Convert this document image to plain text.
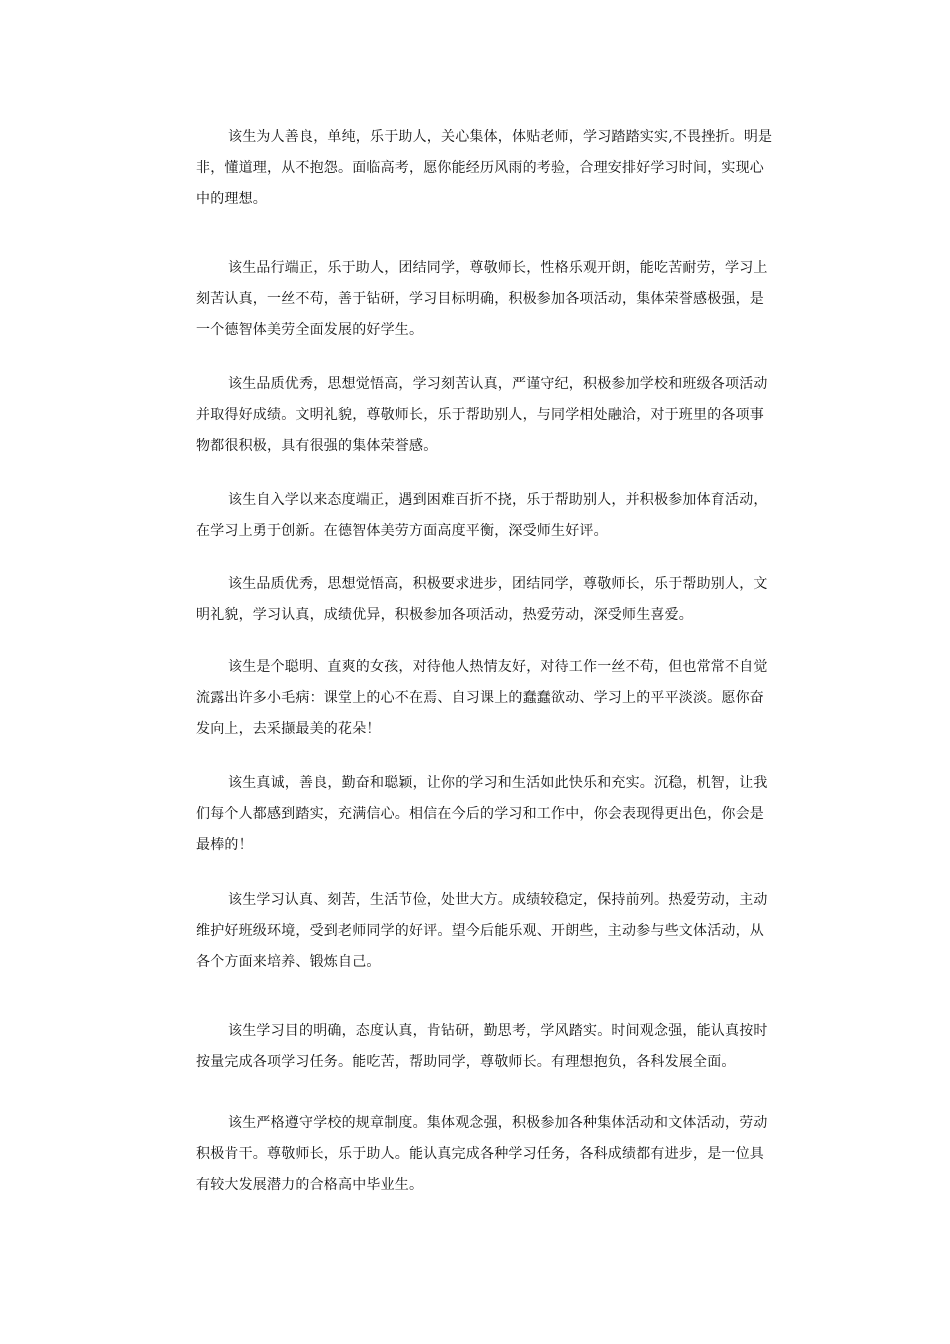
该生为人善良，单纯，乐于助人，关心集体，体贴老师，学习踏踏实实,不畏挫折。明是非，懂道理，从不抱怨。面临高考，愿你能经历风雨的考验，合理安排好学习时间，实现心中的理想。

该生品行端正，乐于助人，团结同学，尊敬师长，性格乐观开朗，能吃苦耐劳，学习上刻苦认真，一丝不苟，善于钻研，学习目标明确，积极参加各项活动，集体荣誉感极强，是一个德智体美劳全面发展的好学生。

该生品质优秀，思想觉悟高，学习刻苦认真，严谨守纪，积极参加学校和班级各项活动并取得好成绩。文明礼貌，尊敬师长，乐于帮助别人，与同学相处融洽，对于班里的各项事物都很积极，具有很强的集体荣誉感。

该生自入学以来态度端正，遇到困难百折不挠，乐于帮助别人，并积极参加体育活动，在学习上勇于创新。在德智体美劳方面高度平衡，深受师生好评。

该生品质优秀，思想觉悟高，积极要求进步，团结同学，尊敬师长，乐于帮助别人，文明礼貌，学习认真，成绩优异，积极参加各项活动，热爱劳动，深受师生喜爱。

该生是个聪明、直爽的女孩，对待他人热情友好，对待工作一丝不苟，但也常常不自觉流露出许多小毛病：课堂上的心不在焉、自习课上的蠢蠢欲动、学习上的平平淡淡。愿你奋发向上，去采撷最美的花朵！

该生真诚，善良，勤奋和聪颖，让你的学习和生活如此快乐和充实。沉稳，机智，让我们每个人都感到踏实，充满信心。相信在今后的学习和工作中，你会表现得更出色，你会是最棒的！

该生学习认真、刻苦，生活节俭，处世大方。成绩较稳定，保持前列。热爱劳动，主动维护好班级环境，受到老师同学的好评。望今后能乐观、开朗些，主动参与些文体活动，从各个方面来培养、锻炼自己。

该生学习目的明确，态度认真，肯钻研，勤思考，学风踏实。时间观念强，能认真按时按量完成各项学习任务。能吃苦，帮助同学，尊敬师长。有理想抱负，各科发展全面。

该生严格遵守学校的规章制度。集体观念强，积极参加各种集体活动和文体活动，劳动积极肯干。尊敬师长，乐于助人。能认真完成各种学习任务，各科成绩都有进步，是一位具有较大发展潜力的合格高中毕业生。
